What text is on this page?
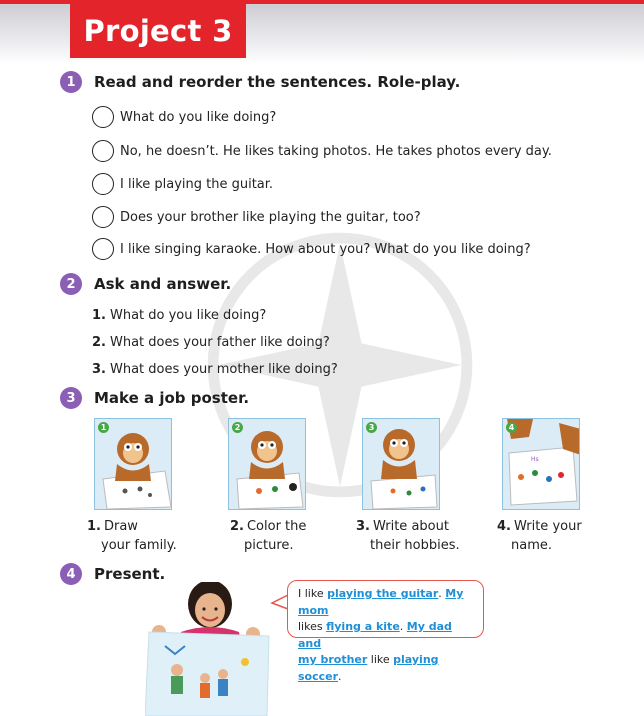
Project 3
1	Read and reorder the sentences. Role-play.
What do you like doing?
No, he doesn’t. He likes taking photos. He takes photos every day.
I like playing the guitar.
Does your brother like playing the guitar, too?
I like singing karaoke. How about you? What do you like doing?
2	Ask and answer.
1. What do you like doing?
2. What does your father like doing?
3. What does your mother like doing?
3	Make a job poster.
1	2	3
Hs
4
1. Draw
your family.
2. Color the
picture.
3. Write about
their hobbies.
4. Write your
name.
4	Present.
I like playing the guitar. My mom
likes flying a kite. My dad and
my brother like playing soccer.
